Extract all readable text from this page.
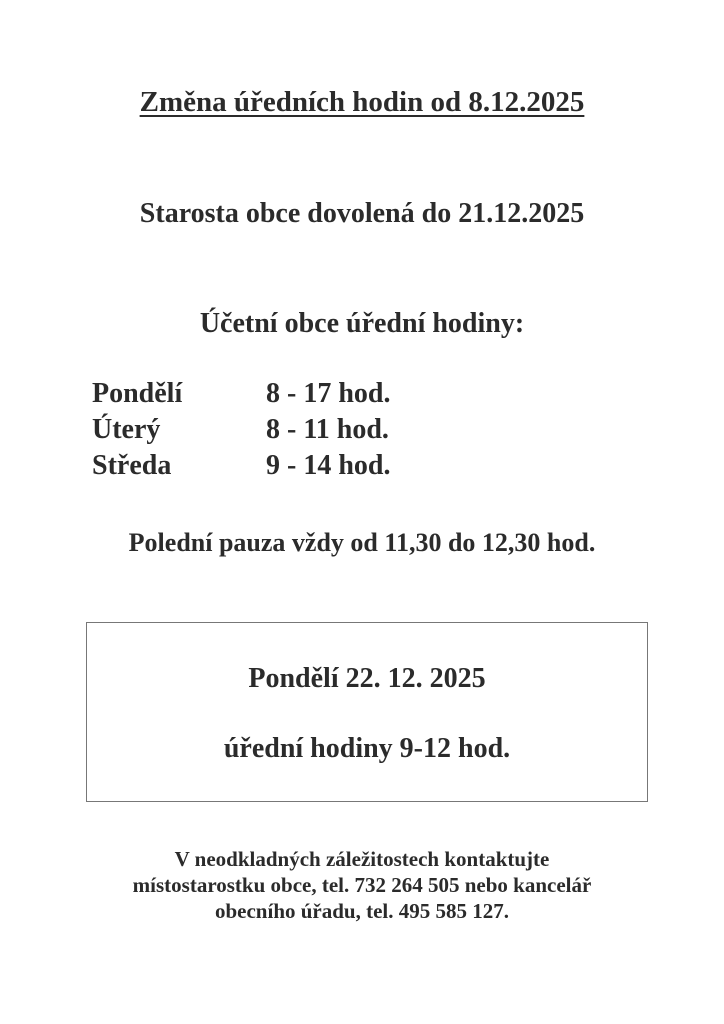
Změna úředních hodin od 8.12.2025
Starosta obce dovolená do 21.12.2025
Účetní obce úřední hodiny:
Pondělí	8 - 17 hod.
Úterý	8 - 11 hod.
Středa	9 - 14 hod.
Polední pauza vždy od 11,30 do 12,30 hod.
Pondělí 22. 12. 2025
úřední hodiny 9-12 hod.
V neodkladných záležitostech kontaktujte
místostarostku obce, tel. 732 264 505 nebo kancelář
obecního úřadu, tel. 495 585 127.
